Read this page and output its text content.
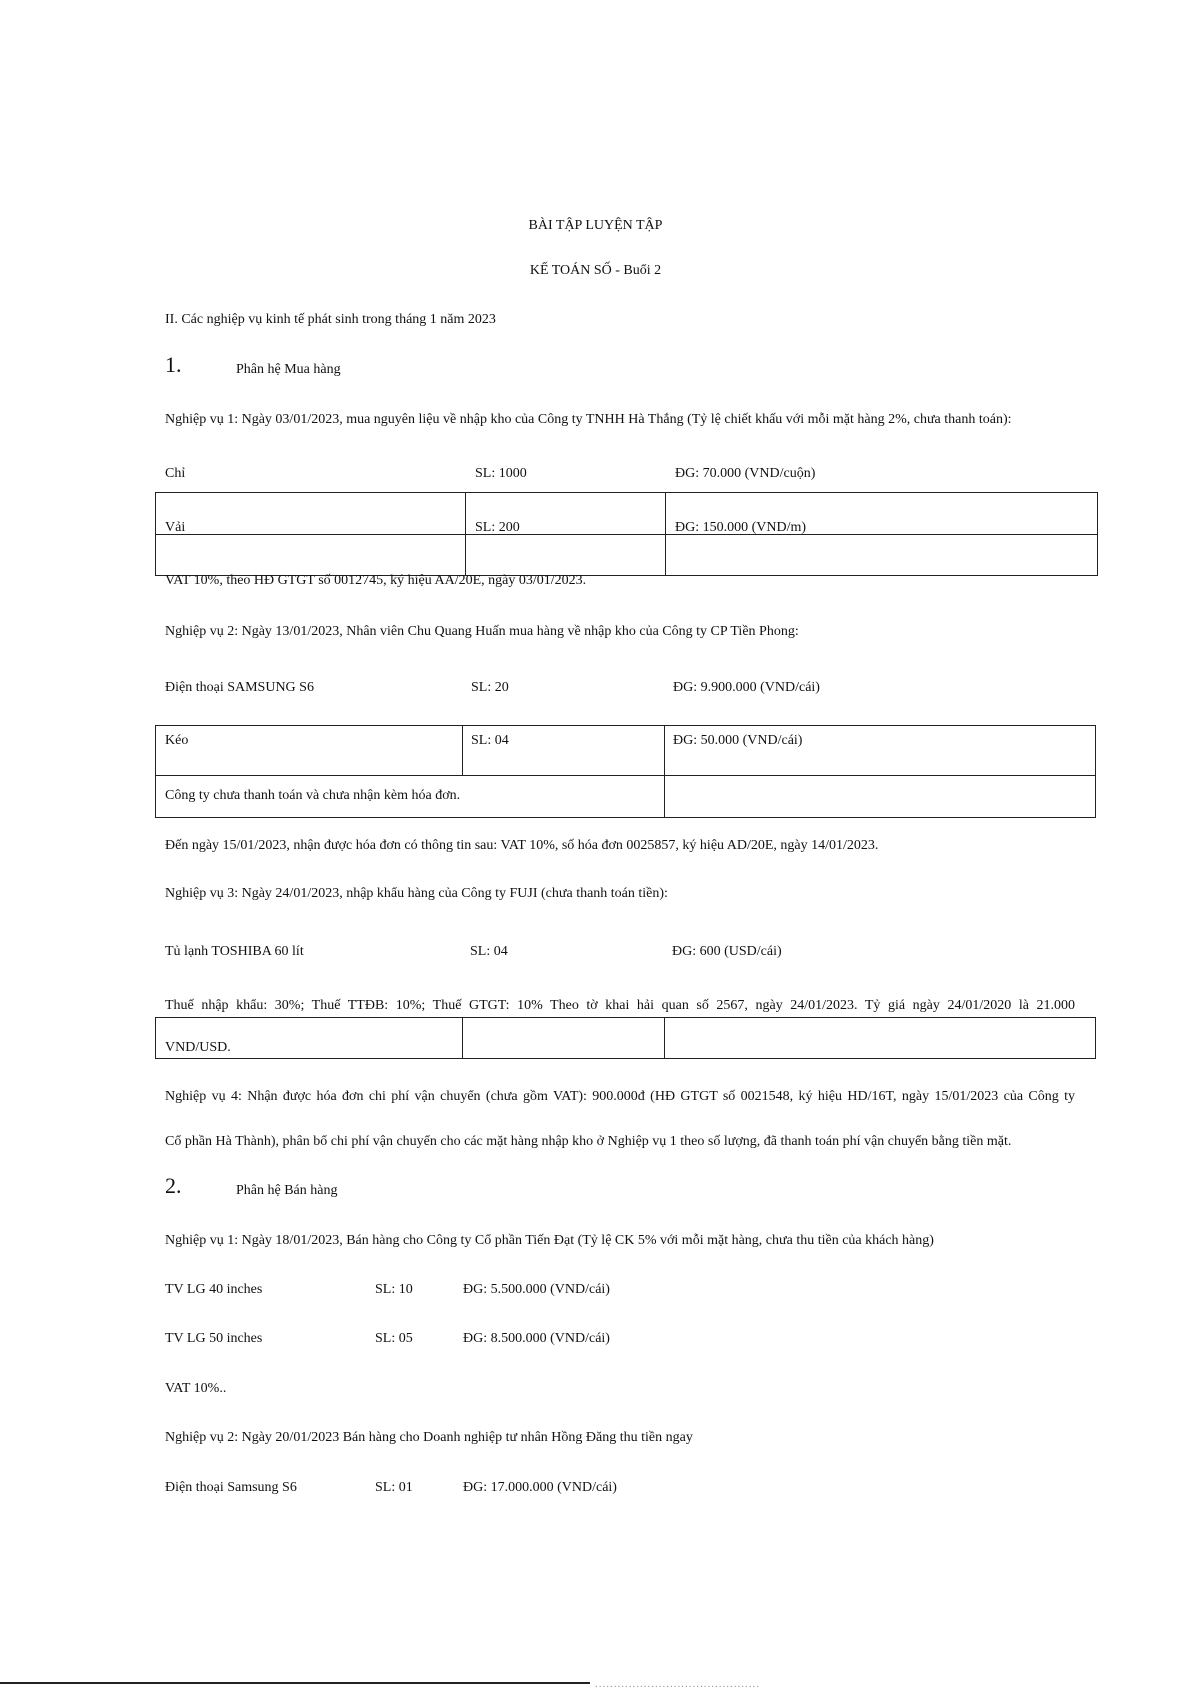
BÀI TẬP LUYỆN TẬP
KẾ TOÁN SỐ - Buổi 2
II. Các nghiệp vụ kinh tế phát sinh trong tháng 1 năm 2023
1.	Phân hệ Mua hàng
Nghiệp vụ 1: Ngày 03/01/2023, mua nguyên liệu về nhập kho của Công ty TNHH Hà Thắng (Tỷ lệ chiết khấu với mỗi mặt hàng 2%, chưa thanh toán):
Chỉ	SL: 1000	ĐG: 70.000 (VND/cuộn)
Vải	SL: 200	ĐG: 150.000 (VND/m)
VAT 10%, theo HĐ GTGT số 0012745, ký hiệu AA/20E, ngày 03/01/2023.
Nghiệp vụ 2: Ngày 13/01/2023, Nhân viên Chu Quang Huấn mua hàng về nhập kho của Công ty CP Tiền Phong:
Điện thoại SAMSUNG S6	SL: 20	ĐG: 9.900.000 (VND/cái)
Kéo	SL: 04	ĐG: 50.000 (VND/cái)
Công ty chưa thanh toán và chưa nhận kèm hóa đơn.
Đến ngày 15/01/2023, nhận được hóa đơn có thông tin sau: VAT 10%, số hóa đơn 0025857, ký hiệu AD/20E, ngày 14/01/2023.
Nghiệp vụ 3: Ngày 24/01/2023, nhập khẩu hàng của Công ty FUJI (chưa thanh toán tiền):
Tủ lạnh TOSHIBA 60 lít	SL: 04	ĐG: 600 (USD/cái)
Thuế nhập khẩu: 30%; Thuế TTĐB: 10%; Thuế GTGT: 10% Theo tờ khai hải quan số 2567, ngày 24/01/2023. Tỷ giá ngày 24/01/2020 là 21.000
VND/USD.
Nghiệp vụ 4: Nhận được hóa đơn chi phí vận chuyển (chưa gồm VAT): 900.000đ (HĐ GTGT số 0021548, ký hiệu HD/16T, ngày 15/01/2023 của Công ty
Cổ phần Hà Thành), phân bổ chi phí vận chuyển cho các mặt hàng nhập kho ở Nghiệp vụ 1 theo số lượng, đã thanh toán phí vận chuyển bằng tiền mặt.
2.	Phân hệ Bán hàng
Nghiệp vụ 1: Ngày 18/01/2023, Bán hàng cho Công ty Cổ phần Tiến Đạt (Tỷ lệ CK 5% với mỗi mặt hàng, chưa thu tiền của khách hàng)
TV LG 40 inches	SL: 10	ĐG: 5.500.000 (VND/cái)
TV LG 50 inches	SL: 05	ĐG: 8.500.000 (VND/cái)
VAT 10%..
Nghiệp vụ 2: Ngày 20/01/2023 Bán hàng cho Doanh nghiệp tư nhân Hồng Đăng thu tiền ngay
Điện thoại Samsung S6	SL: 01	ĐG: 17.000.000 (VND/cái)
............................................
